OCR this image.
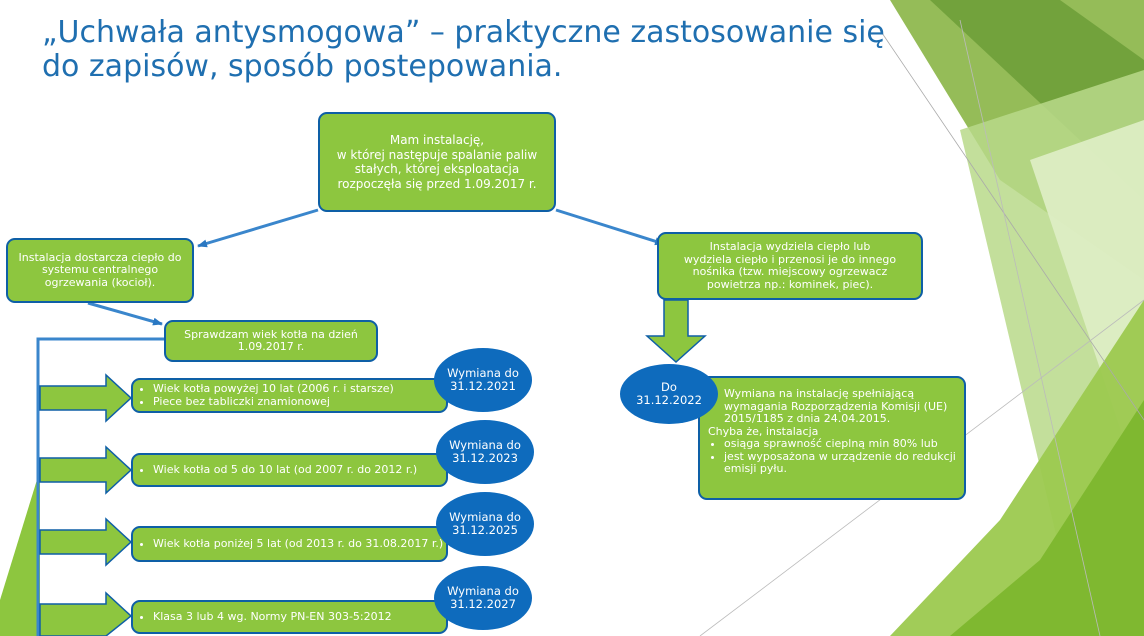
„Uchwała antysmogowa” – praktyczne zastosowanie się do zapisów, sposób postepowania.
Mam instalację,
w której następuje spalanie paliw
stałych, której eksploatacja
rozpoczęła się przed 1.09.2017 r.
Instalacja dostarcza ciepło do
systemu centralnego
ogrzewania (kocioł).
Instalacja wydziela ciepło lub
wydziela ciepło i przenosi je do innego
nośnika (tzw. miejscowy ogrzewacz
powietrza np.: kominek, piec).
Sprawdzam wiek kotła na dzień
1.09.2017 r.
• Wiek kotła powyżej 10 lat (2006 r. i starsze)
• Piece bez tabliczki znamionowej
Wymiana do
31.12.2021
• Wiek kotła od 5 do 10 lat (od 2007 r. do 2012 r.)
Wymiana do
31.12.2023
• Wiek kotła poniżej 5 lat (od 2013 r. do 31.08.2017 r.)
Wymiana do
31.12.2025
• Klasa 3 lub 4 wg. Normy PN-EN 303-5:2012
Wymiana do
31.12.2027
• Wymiana na instalację spełniającą wymagania Rozporządzenia Komisji (UE) 2015/1185 z dnia 24.04.2015.
Chyba że, instalacja
• osiąga sprawność cieplną min 80% lub
• jest wyposażona w urządzenie do redukcji emisji pyłu.
Do
31.12.2022
